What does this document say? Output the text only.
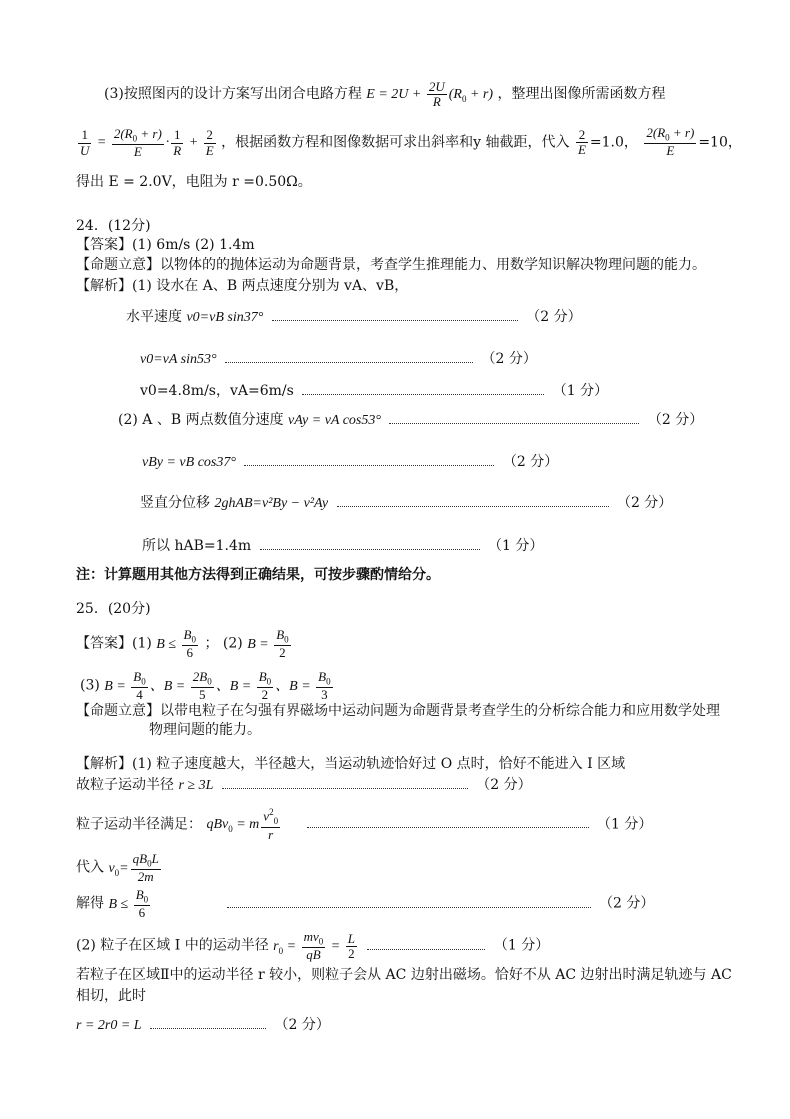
(3)按照图丙的设计方案写出闭合电路方程 $E = 2U + \frac{2U}{R} (R_0 + r)$ ，整理出图像所需函数方程
$\frac{1}{U} = \frac{2(R_0 + r)}{E} \cdot \frac{1}{R} + \frac{2}{E}$ ，根据函数方程和图像数据可求出斜率和y 轴截距，代入 $\frac{2}{E} =1.0$， $\frac{2(R_0 + r)}{E} =10$，
得出 E = 2.0V，电阻为 r =0.50Ω。
24．(12分)
【答案】(1) 6m/s (2) 1.4m
【命题立意】以物体的的抛体运动为命题背景，考查学生推理能力、用数学知识解决物理问题的能力。
【解析】(1) 设水在 A、B 两点速度分别为 vA、vB，
水平速度 v0=vB sin37°	（2 分）
v0=vA sin53°	（2 分）
v0=4.8m/s，vA=6m/s	（1 分）
(2) A 、B 两点数值分速度 vAy = vA cos53°	（2 分）
vBy = vB cos37°	（2 分）
竖直分位移 2ghAB=v²By − v²Ay	（2 分）
所以 hAB=1.4m	（1 分）
注：计算题用其他方法得到正确结果，可按步骤酌情给分。
25．(20分)
【答案】(1) $B \le \frac{B_0}{6}$ ； (2) $B = \frac{B_0}{2}$
(3) $B = \frac{B_0}{4}$ 、$B = \frac{2B_0}{5}$ 、$B = \frac{B_0}{2}$ 、$B = \frac{B_0}{3}$
【命题立意】以带电粒子在匀强有界磁场中运动问题为命题背景考查学生的分析综合能力和应用数学处理
物理问题的能力。
【解析】(1) 粒子速度越大，半径越大，当运动轨迹恰好过 O 点时，恰好不能进入 I 区域
故粒子运动半径 r ≥ 3L	（2 分）
粒子运动半径满足： qBv$_0$ = m $\frac{v^2_0}{r}$	（1 分）
代入 $v_0= \frac{qB_0L}{2m}$
解得 $B \le \frac{B_0}{6}$	（2 分）
(2) 粒子在区域 I 中的运动半径 $r_0 = \frac{mv_0}{qB} = \frac{L}{2}$	（1 分）
若粒子在区域Ⅱ中的运动半径 r 较小，则粒子会从 AC 边射出磁场。恰好不从 AC 边射出时满足轨迹与 AC
相切，此时
r = 2r0 = L	（2 分）
